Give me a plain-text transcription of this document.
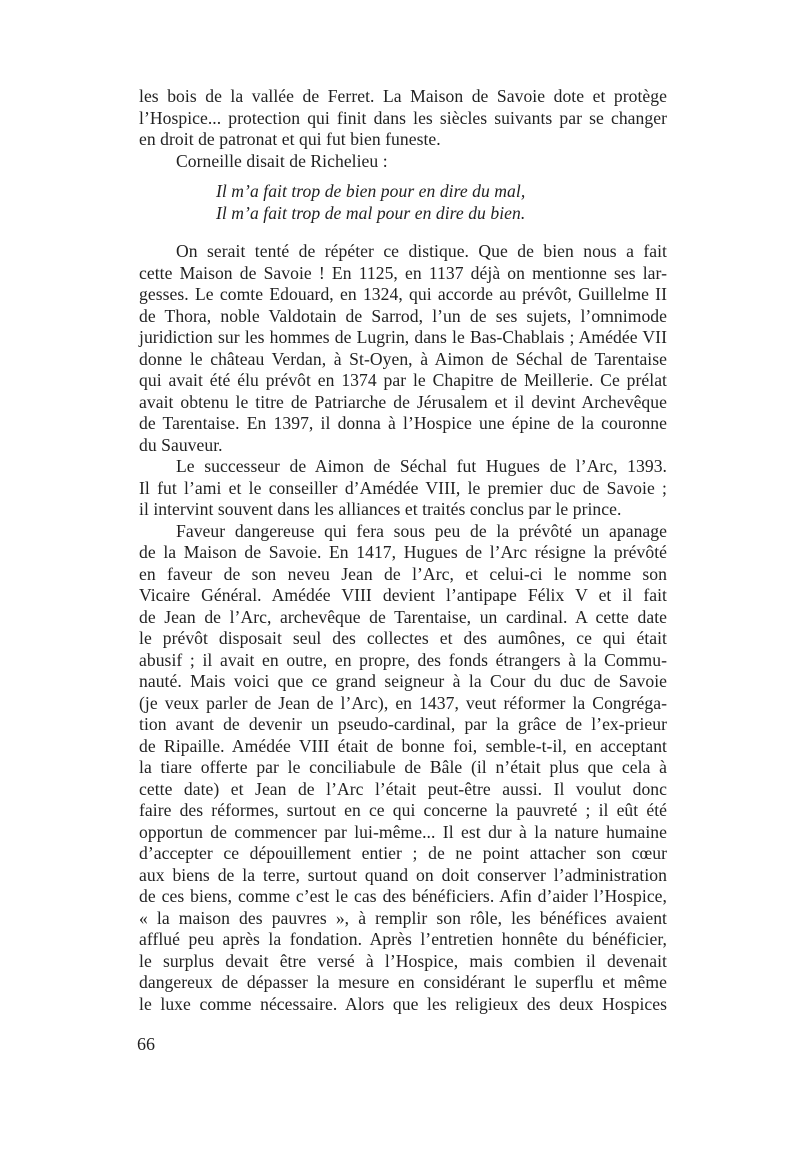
les bois de la vallée de Ferret. La Maison de Savoie dote et protège
l’Hospice... protection qui finit dans les siècles suivants par se changer
en droit de patronat et qui fut bien funeste.
Corneille disait de Richelieu :
Il m’a fait trop de bien pour en dire du mal,
Il m’a fait trop de mal pour en dire du bien.
On serait tenté de répéter ce distique. Que de bien nous a fait
cette Maison de Savoie ! En 1125, en 1137 déjà on mentionne ses lar-
gesses. Le comte Edouard, en 1324, qui accorde au prévôt, Guillelme II
de Thora, noble Valdotain de Sarrod, l’un de ses sujets, l’omnimode
juridiction sur les hommes de Lugrin, dans le Bas-Chablais ; Amédée VII
donne le château Verdan, à St-Oyen, à Aimon de Séchal de Tarentaise
qui avait été élu prévôt en 1374 par le Chapitre de Meillerie. Ce prélat
avait obtenu le titre de Patriarche de Jérusalem et il devint Archevêque
de Tarentaise. En 1397, il donna à l’Hospice une épine de la couronne
du Sauveur.
Le successeur de Aimon de Séchal fut Hugues de l’Arc, 1393.
Il fut l’ami et le conseiller d’Amédée VIII, le premier duc de Savoie ;
il intervint souvent dans les alliances et traités conclus par le prince.
Faveur dangereuse qui fera sous peu de la prévôté un apanage
de la Maison de Savoie. En 1417, Hugues de l’Arc résigne la prévôté
en faveur de son neveu Jean de l’Arc, et celui-ci le nomme son
Vicaire Général. Amédée VIII devient l’antipape Félix V et il fait
de Jean de l’Arc, archevêque de Tarentaise, un cardinal. A cette date
le prévôt disposait seul des collectes et des aumônes, ce qui était
abusif ; il avait en outre, en propre, des fonds étrangers à la Commu-
nauté. Mais voici que ce grand seigneur à la Cour du duc de Savoie
(je veux parler de Jean de l’Arc), en 1437, veut réformer la Congréga-
tion avant de devenir un pseudo-cardinal, par la grâce de l’ex-prieur
de Ripaille. Amédée VIII était de bonne foi, semble-t-il, en acceptant
la tiare offerte par le conciliabule de Bâle (il n’était plus que cela à
cette date) et Jean de l’Arc l’était peut-être aussi. Il voulut donc
faire des réformes, surtout en ce qui concerne la pauvreté ; il eût été
opportun de commencer par lui-même... Il est dur à la nature humaine
d’accepter ce dépouillement entier ; de ne point attacher son cœur
aux biens de la terre, surtout quand on doit conserver l’administration
de ces biens, comme c’est le cas des bénéficiers. Afin d’aider l’Hospice,
« la maison des pauvres », à remplir son rôle, les bénéfices avaient
afflué peu après la fondation. Après l’entretien honnête du bénéficier,
le surplus devait être versé à l’Hospice, mais combien il devenait
dangereux de dépasser la mesure en considérant le superflu et même
le luxe comme nécessaire. Alors que les religieux des deux Hospices
66
